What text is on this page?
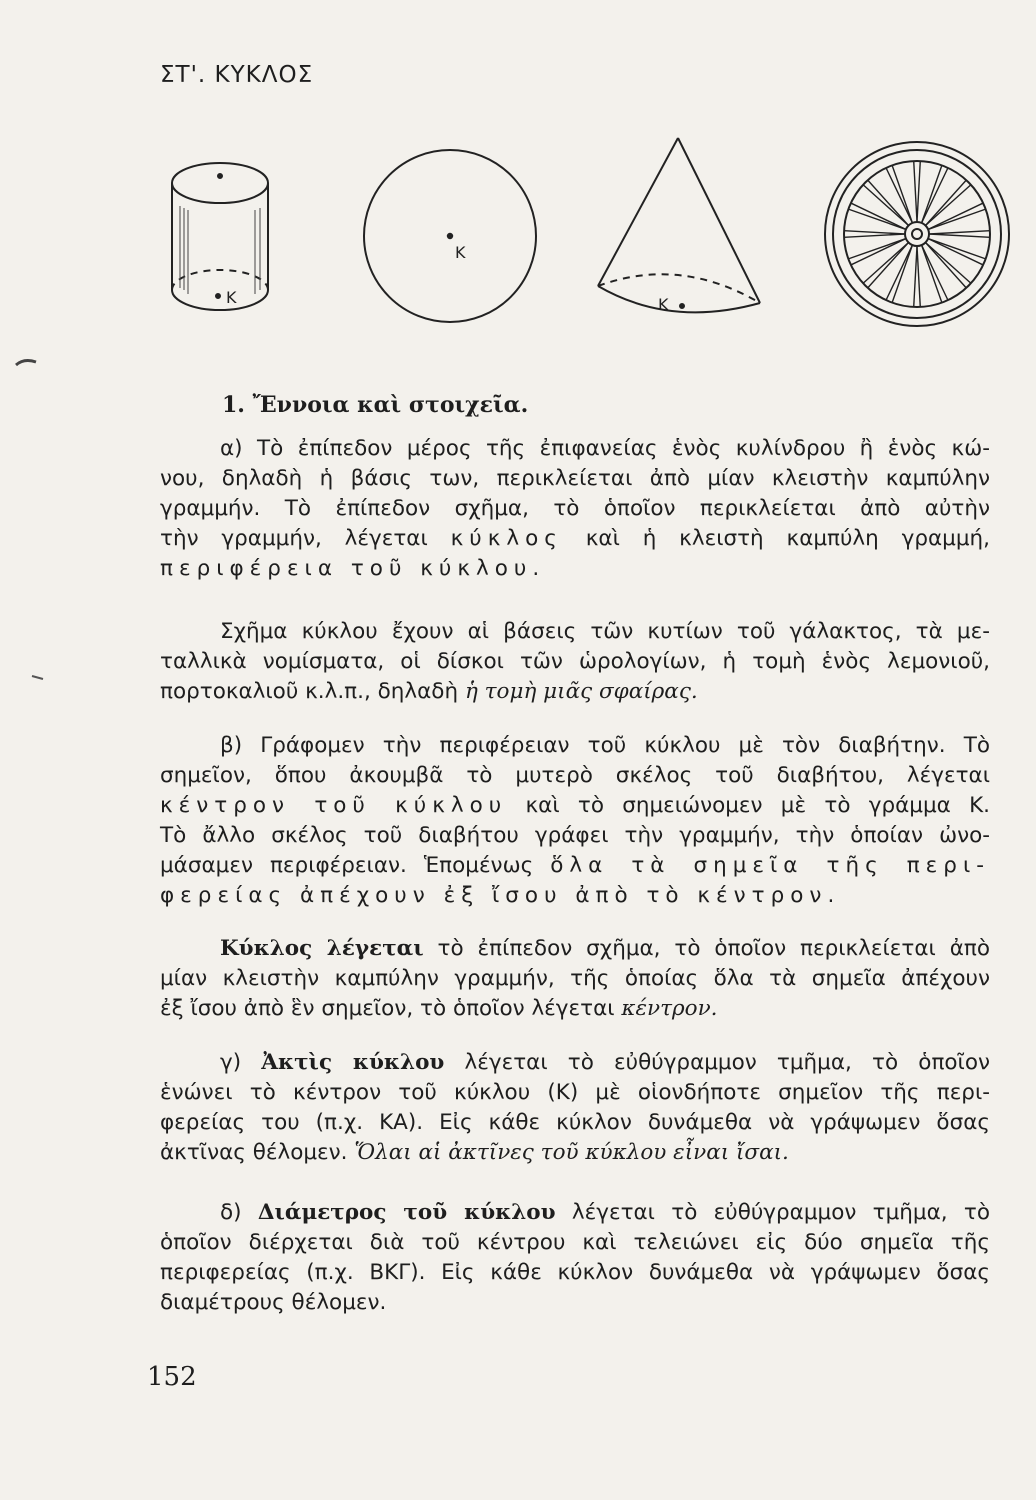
ΣΤ'. ΚΥΚΛΟΣ
Κ
Κ
Κ
1. Ἔννοια καὶ στοιχεῖα.
α) Τὸ ἐπίπεδον μέρος τῆς ἐπιφανείας ἑνὸς κυλίνδρου ἢ ἑνὸς κώ-
νου, δηλαδὴ ἡ βάσις των, περικλείεται ἀπὸ μίαν κλειστὴν καμπύλην
γραμμήν. Τὸ ἐπίπεδον σχῆμα, τὸ ὁποῖον περικλείεται ἀπὸ αὐτὴν
τὴν γραμμήν, λέγεται κύκλος καὶ ἡ κλειστὴ καμπύλη γραμμή,
περιφέρεια τοῦ κύκλου.
Σχῆμα κύκλου ἔχουν αἱ βάσεις τῶν κυτίων τοῦ γάλακτος, τὰ με-
ταλλικὰ νομίσματα, οἱ δίσκοι τῶν ὡρολογίων, ἡ τομὴ ἑνὸς λεμονιοῦ,
πορτοκαλιοῦ κ.λ.π., δηλαδὴ ἡ τομὴ μιᾶς σφαίρας.
β) Γράφομεν τὴν περιφέρειαν τοῦ κύκλου μὲ τὸν διαβήτην. Τὸ
σημεῖον, ὅπου ἀκουμβᾶ τὸ μυτερὸ σκέλος τοῦ διαβήτου, λέγεται
κέντρον τοῦ κύκλου καὶ τὸ σημειώνομεν μὲ τὸ γράμμα Κ.
Τὸ ἄλλο σκέλος τοῦ διαβήτου γράφει τὴν γραμμήν, τὴν ὁποίαν ὠνο-
μάσαμεν περιφέρειαν. Ἑπομένως ὅλα τὰ σημεῖα τῆς περι-
φερείας ἀπέχουν ἐξ ἴσου ἀπὸ τὸ κέντρον.
Κύκλος λέγεται τὸ ἐπίπεδον σχῆμα, τὸ ὁποῖον περικλείεται ἀπὸ
μίαν κλειστὴν καμπύλην γραμμήν, τῆς ὁποίας ὅλα τὰ σημεῖα ἀπέχουν
ἐξ ἴσου ἀπὸ ἓν σημεῖον, τὸ ὁποῖον λέγεται κέντρον.
γ) Ἀκτὶς κύκλου λέγεται τὸ εὐθύγραμμον τμῆμα, τὸ ὁποῖον
ἑνώνει τὸ κέντρον τοῦ κύκλου (Κ) μὲ οἱονδήποτε σημεῖον τῆς περι-
φερείας του (π.χ. ΚΑ). Εἰς κάθε κύκλον δυνάμεθα νὰ γράψωμεν ὅσας
ἀκτῖνας θέλομεν. Ὅλαι αἱ ἀκτῖνες τοῦ κύκλου εἶναι ἴσαι.
δ) Διάμετρος τοῦ κύκλου λέγεται τὸ εὐθύγραμμον τμῆμα, τὸ
ὁποῖον διέρχεται διὰ τοῦ κέντρου καὶ τελειώνει εἰς δύο σημεῖα τῆς
περιφερείας (π.χ. ΒΚΓ). Εἰς κάθε κύκλον δυνάμεθα νὰ γράψωμεν ὅσας
διαμέτρους θέλομεν.
152
